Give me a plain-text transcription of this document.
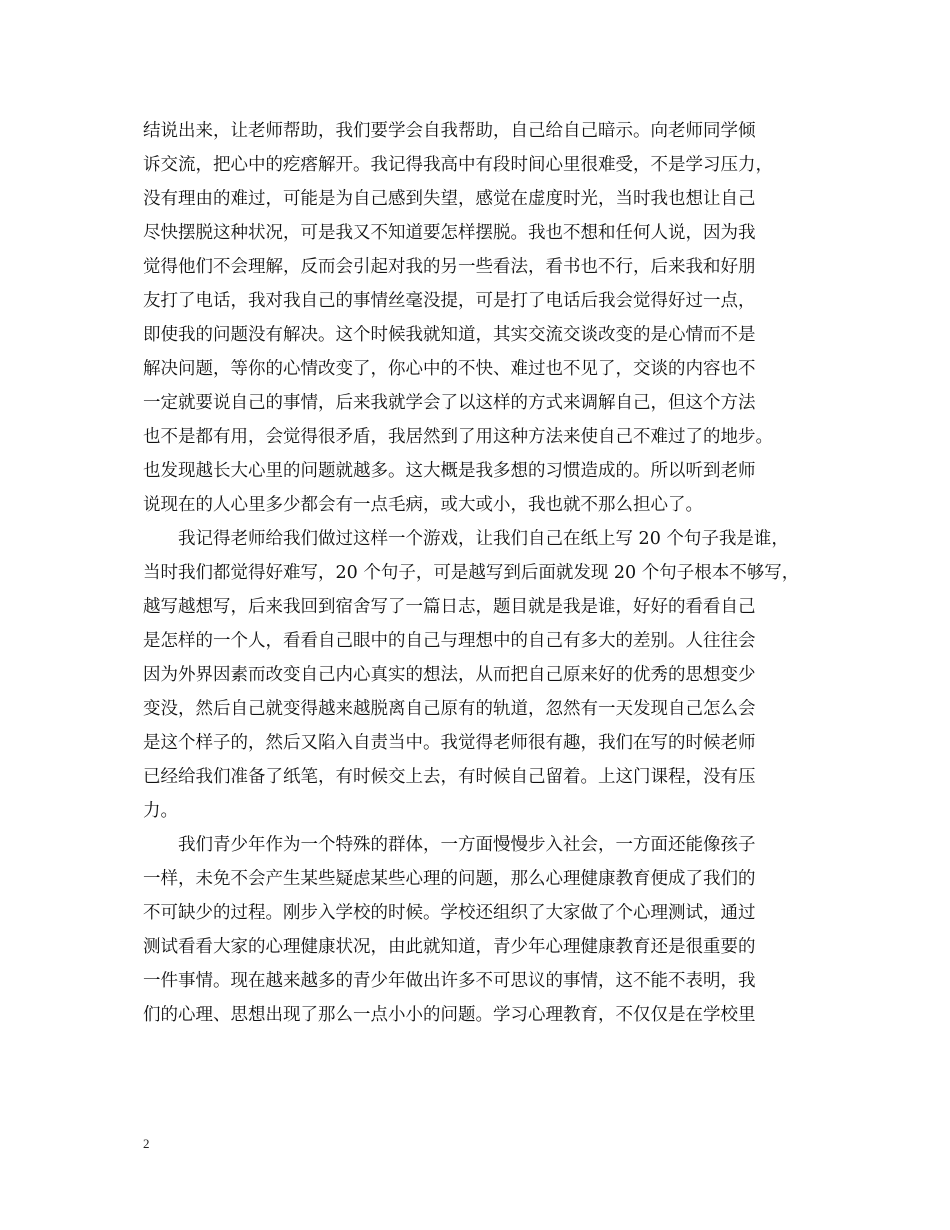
结说出来，让老师帮助，我们要学会自我帮助，自己给自己暗示。向老师同学倾
诉交流，把心中的疙瘩解开。我记得我高中有段时间心里很难受，不是学习压力，
没有理由的难过，可能是为自己感到失望，感觉在虚度时光，当时我也想让自己
尽快摆脱这种状况，可是我又不知道要怎样摆脱。我也不想和任何人说，因为我
觉得他们不会理解，反而会引起对我的另一些看法，看书也不行，后来我和好朋
友打了电话，我对我自己的事情丝毫没提，可是打了电话后我会觉得好过一点，
即使我的问题没有解决。这个时候我就知道，其实交流交谈改变的是心情而不是
解决问题，等你的心情改变了，你心中的不快、难过也不见了，交谈的内容也不
一定就要说自己的事情，后来我就学会了以这样的方式来调解自己，但这个方法
也不是都有用，会觉得很矛盾，我居然到了用这种方法来使自己不难过了的地步。
也发现越长大心里的问题就越多。这大概是我多想的习惯造成的。所以听到老师
说现在的人心里多少都会有一点毛病，或大或小，我也就不那么担心了。
我记得老师给我们做过这样一个游戏，让我们自己在纸上写 20 个句子我是谁，
当时我们都觉得好难写，20 个句子，可是越写到后面就发现 20 个句子根本不够写，
越写越想写，后来我回到宿舍写了一篇日志，题目就是我是谁，好好的看看自己
是怎样的一个人，看看自己眼中的自己与理想中的自己有多大的差别。人往往会
因为外界因素而改变自己内心真实的想法，从而把自己原来好的优秀的思想变少
变没，然后自己就变得越来越脱离自己原有的轨道，忽然有一天发现自己怎么会
是这个样子的，然后又陷入自责当中。我觉得老师很有趣，我们在写的时候老师
已经给我们准备了纸笔，有时候交上去，有时候自己留着。上这门课程，没有压
力。
我们青少年作为一个特殊的群体，一方面慢慢步入社会，一方面还能像孩子
一样，未免不会产生某些疑虑某些心理的问题，那么心理健康教育便成了我们的
不可缺少的过程。刚步入学校的时候。学校还组织了大家做了个心理测试，通过
测试看看大家的心理健康状况，由此就知道，青少年心理健康教育还是很重要的
一件事情。现在越来越多的青少年做出许多不可思议的事情，这不能不表明，我
们的心理、思想出现了那么一点小小的问题。学习心理教育，不仅仅是在学校里
2
